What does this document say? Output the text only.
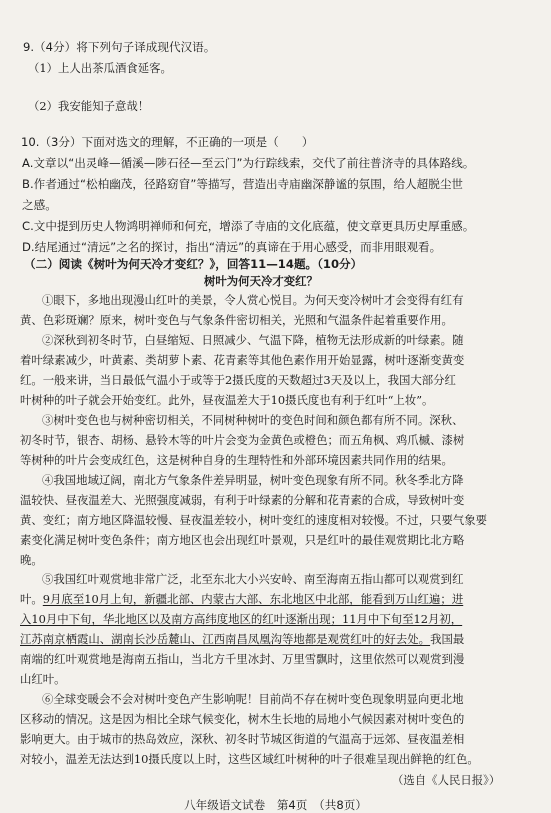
9.（4分）将下列句子译成现代汉语。
（1）上人出茶瓜酒食延客。
（2）我安能知子意哉！
10.（3分）下面对选文的理解，不正确的一项是（　　）
A.文章以“出灵峰—循溪—陟石径—至云门”为行踪线索，交代了前往普济寺的具体路线。
B.作者通过“松柏幽茂，径路窈窅”等描写，营造出寺庙幽深静谧的氛围，给人超脱尘世
之感。
C.文中提到历史人物鸿明禅师和何充，增添了寺庙的文化底蕴，使文章更具历史厚重感。
D.结尾通过“清远”之名的探讨，指出“清远”的真谛在于用心感受，而非用眼观看。
（二）阅读《树叶为何天冷才变红？》，回答11—14题。（10分）
树叶为何天冷才变红？
八年级语文试卷　第4页　（共8页）
①眼下，多地出现漫山红叶的美景，令人赏心悦目。为何天变冷树叶才会变得有红有
黄、色彩斑斓？原来，树叶变色与气象条件密切相关，光照和气温条件起着重要作用。
②深秋到初冬时节，白昼缩短、日照减少、气温下降，植物无法形成新的叶绿素。随
着叶绿素减少，叶黄素、类胡萝卜素、花青素等其他色素作用开始显露，树叶逐渐变黄变
红。一般来讲，当日最低气温小于或等于2摄氏度的天数超过3天及以上，我国大部分红
叶树种的叶子就会开始变红。此外，昼夜温差大于10摄氏度也有利于红叶“上妆”。
③树叶变色也与树种密切相关，不同树种树叶的变色时间和颜色都有所不同。深秋、
初冬时节，银杏、胡杨、悬铃木等的叶片会变为金黄色或橙色；而五角枫、鸡爪槭、漆树
等树种的叶片会变成红色，这是树种自身的生理特性和外部环境因素共同作用的结果。
④我国地域辽阔，南北方气象条件差异明显，树叶变色现象有所不同。秋冬季北方降
温较快、昼夜温差大、光照强度减弱，有利于叶绿素的分解和花青素的合成，导致树叶变
黄、变红；南方地区降温较慢、昼夜温差较小，树叶变红的速度相对较慢。不过，只要气象要
素变化满足树叶变色条件；南方地区也会出现红叶景观，只是红叶的最佳观赏期比北方略
晚。
⑤我国红叶观赏地非常广泛，北至东北大小兴安岭、南至海南五指山都可以观赏到红
叶。9月底至10月上旬，新疆北部、内蒙古大部、东北地区中北部，能看到万山红遍；进
入10月中下旬，华北地区以及南方高纬度地区的红叶逐渐出现；11月中下旬至12月初，
江苏南京栖霞山、湖南长沙岳麓山、江西南昌凤凰沟等地都是观赏红叶的好去处。我国最
南端的红叶观赏地是海南五指山，当北方千里冰封、万里雪飘时，这里依然可以观赏到漫
山红叶。
⑥全球变暖会不会对树叶变色产生影响呢！目前尚不存在树叶变色现象明显向更北地
区移动的情况。这是因为相比全球气候变化，树木生长地的局地小气候因素对树叶变色的
影响更大。由于城市的热岛效应，深秋、初冬时节城区街道的气温高于远郊、昼夜温差相
对较小，温差无法达到10摄氏度以上时，这些区域红叶树种的叶子很难呈现出鲜艳的红色。
（选自《人民日报》）
